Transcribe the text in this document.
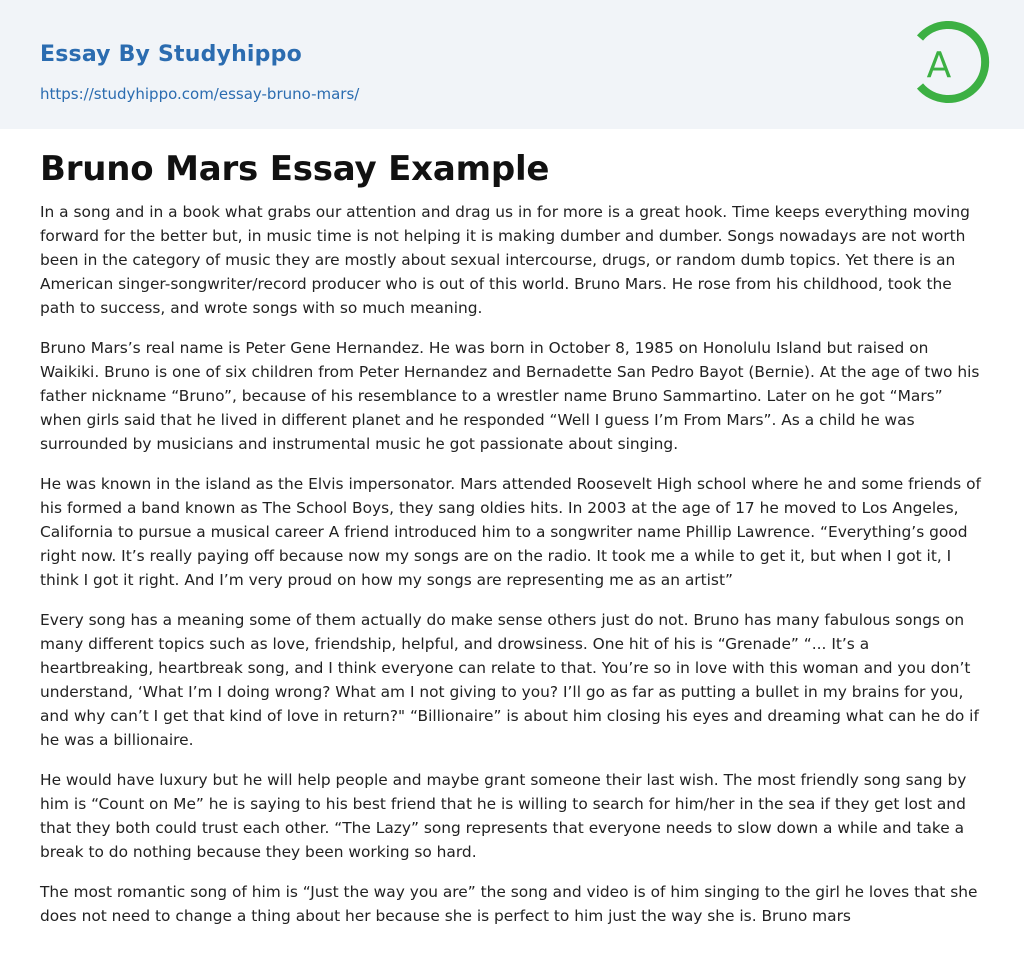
Essay By Studyhippo
https://studyhippo.com/essay-bruno-mars/
A
Bruno Mars Essay Example

In a song and in a book what grabs our attention and drag us in for more is a great hook. Time keeps everything moving forward for the better but, in music time is not helping it is making dumber and dumber. Songs nowadays are not worth been in the category of music they are mostly about sexual intercourse, drugs, or random dumb topics. Yet there is an American singer-songwriter/record producer who is out of this world. Bruno Mars. He rose from his childhood, took the path to success, and wrote songs with so much meaning.

Bruno Mars’s real name is Peter Gene Hernandez. He was born in October 8, 1985 on Honolulu Island but raised on Waikiki. Bruno is one of six children from Peter Hernandez and Bernadette San Pedro Bayot (Bernie). At the age of two his father nickname “Bruno”, because of his resemblance to a wrestler name Bruno Sammartino. Later on he got “Mars” when girls said that he lived in different planet and he responded “Well I guess I’m From Mars”. As a child he was surrounded by musicians and instrumental music he got passionate about singing.

He was known in the island as the Elvis impersonator. Mars attended Roosevelt High school where he and some friends of his formed a band known as The School Boys, they sang oldies hits. In 2003 at the age of 17 he moved to Los Angeles, California to pursue a musical career A friend introduced him to a songwriter name Phillip Lawrence. “Everything’s good right now. It’s really paying off because now my songs are on the radio. It took me a while to get it, but when I got it, I think I got it right. And I’m very proud on how my songs are representing me as an artist”

Every song has a meaning some of them actually do make sense others just do not. Bruno has many fabulous songs on many different topics such as love, friendship, helpful, and drowsiness. One hit of his is “Grenade” “... It’s a heartbreaking, heartbreak song, and I think everyone can relate to that. You’re so in love with this woman and you don’t understand, ‘What I’m I doing wrong? What am I not giving to you? I’ll go as far as putting a bullet in my brains for you, and why can’t I get that kind of love in return?" “Billionaire” is about him closing his eyes and dreaming what can he do if he was a billionaire.

He would have luxury but he will help people and maybe grant someone their last wish. The most friendly song sang by him is “Count on Me” he is saying to his best friend that he is willing to search for him/her in the sea if they get lost and that they both could trust each other. “The Lazy” song represents that everyone needs to slow down a while and take a break to do nothing because they been working so hard.

The most romantic song of him is “Just the way you are” the song and video is of him singing to the girl he loves that she does not need to change a thing about her because she is perfect to him just the way she is. Bruno mars
